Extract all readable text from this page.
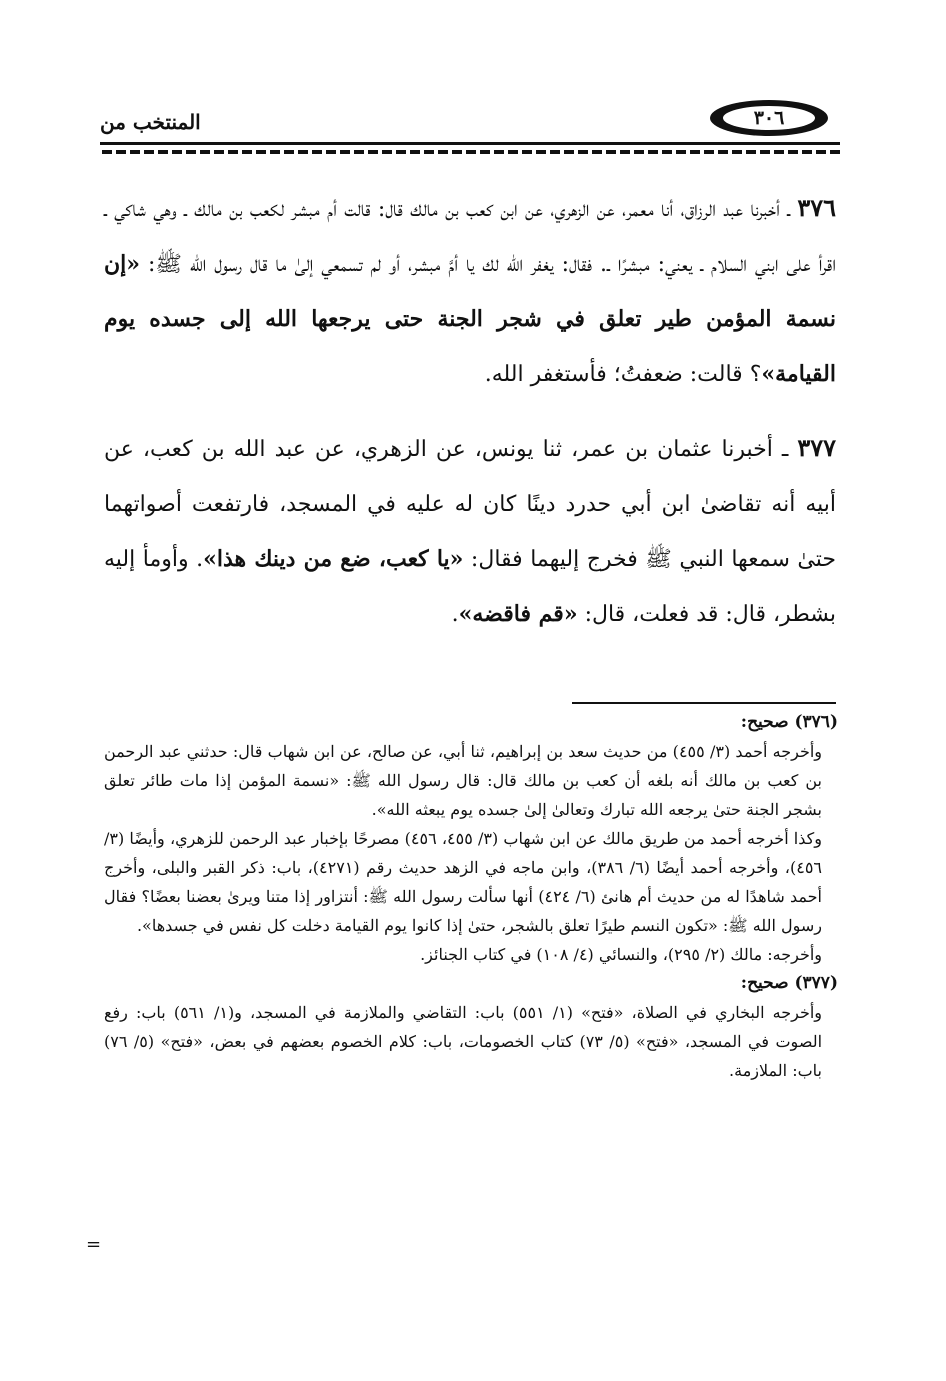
٣٠٦
المنتخب من

٣٧٦ ـ أخبرنا عبد الرزاق، أنا معمر، عن الزهري، عن ابن كعب بن مالك قال: قالت أم مبشر لكعب بن مالك ـ وهي شاكي ـ اقرأ على ابني السلام ـ يعني: مبشرًا ـ. فقال: يغفر الله لك يا أمَّ مبشر، أو لم تسمعي إلىٰ ما قال رسول الله ﷺ: «إن نسمة المؤمن طير تعلق في شجر الجنة حتى يرجعها الله إلى جسده يوم القيامة»؟ قالت: ضعفتُ؛ فأستغفر الله.

٣٧٧ ـ أخبرنا عثمان بن عمر، ثنا يونس، عن الزهري، عن عبد الله بن كعب، عن أبيه أنه تقاضىٰ ابن أبي حدرد دينًا كان له عليه في المسجد، فارتفعت أصواتهما حتىٰ سمعها النبي ﷺ فخرج إليهما فقال: «يا كعب، ضع من دينك هذا». وأومأ إليه بشطر، قال: قد فعلت، قال: «قم فاقضه».

(٣٧٦) صحيح:

وأخرجه أحمد (٣/ ٤٥٥) من حديث سعد بن إبراهيم، ثنا أبي، عن صالح، عن ابن شهاب قال: حدثني عبد الرحمن بن كعب بن مالك أنه بلغه أن كعب بن مالك قال: قال رسول الله ﷺ: «نسمة المؤمن إذا مات طائر تعلق بشجر الجنة حتىٰ يرجعه الله تبارك وتعالىٰ إلىٰ جسده يوم يبعثه الله».

وكذا أخرجه أحمد من طريق مالك عن ابن شهاب (٣/ ٤٥٥، ٤٥٦) مصرحًا بإخبار عبد الرحمن للزهري، وأيضًا (٣/ ٤٥٦)، وأخرجه أحمد أيضًا (٦/ ٣٨٦)، وابن ماجه في الزهد حديث رقم (٤٢٧١)، باب: ذكر القبر والبلى، وأخرج أحمد شاهدًا له من حديث أم هانئ (٦/ ٤٢٤) أنها سألت رسول الله ﷺ: أنتزاور إذا متنا ويرىٰ بعضنا بعضًا؟ فقال رسول الله ﷺ: «تكون النسم طيرًا تعلق بالشجر، حتىٰ إذا كانوا يوم القيامة دخلت كل نفس في جسدها».

وأخرجه: مالك (٢/ ٢٩٥)، والنسائي (٤/ ١٠٨) في كتاب الجنائز.

(٣٧٧) صحيح:

وأخرجه البخاري في الصلاة، «فتح» (١/ ٥٥١) باب: التقاضي والملازمة في المسجد، و(١/ ٥٦١) باب: رفع الصوت في المسجد، «فتح» (٥/ ٧٣) كتاب الخصومات، باب: كلام الخصوم بعضهم في بعض، «فتح» (٥/ ٧٦) باب: الملازمة.

=
